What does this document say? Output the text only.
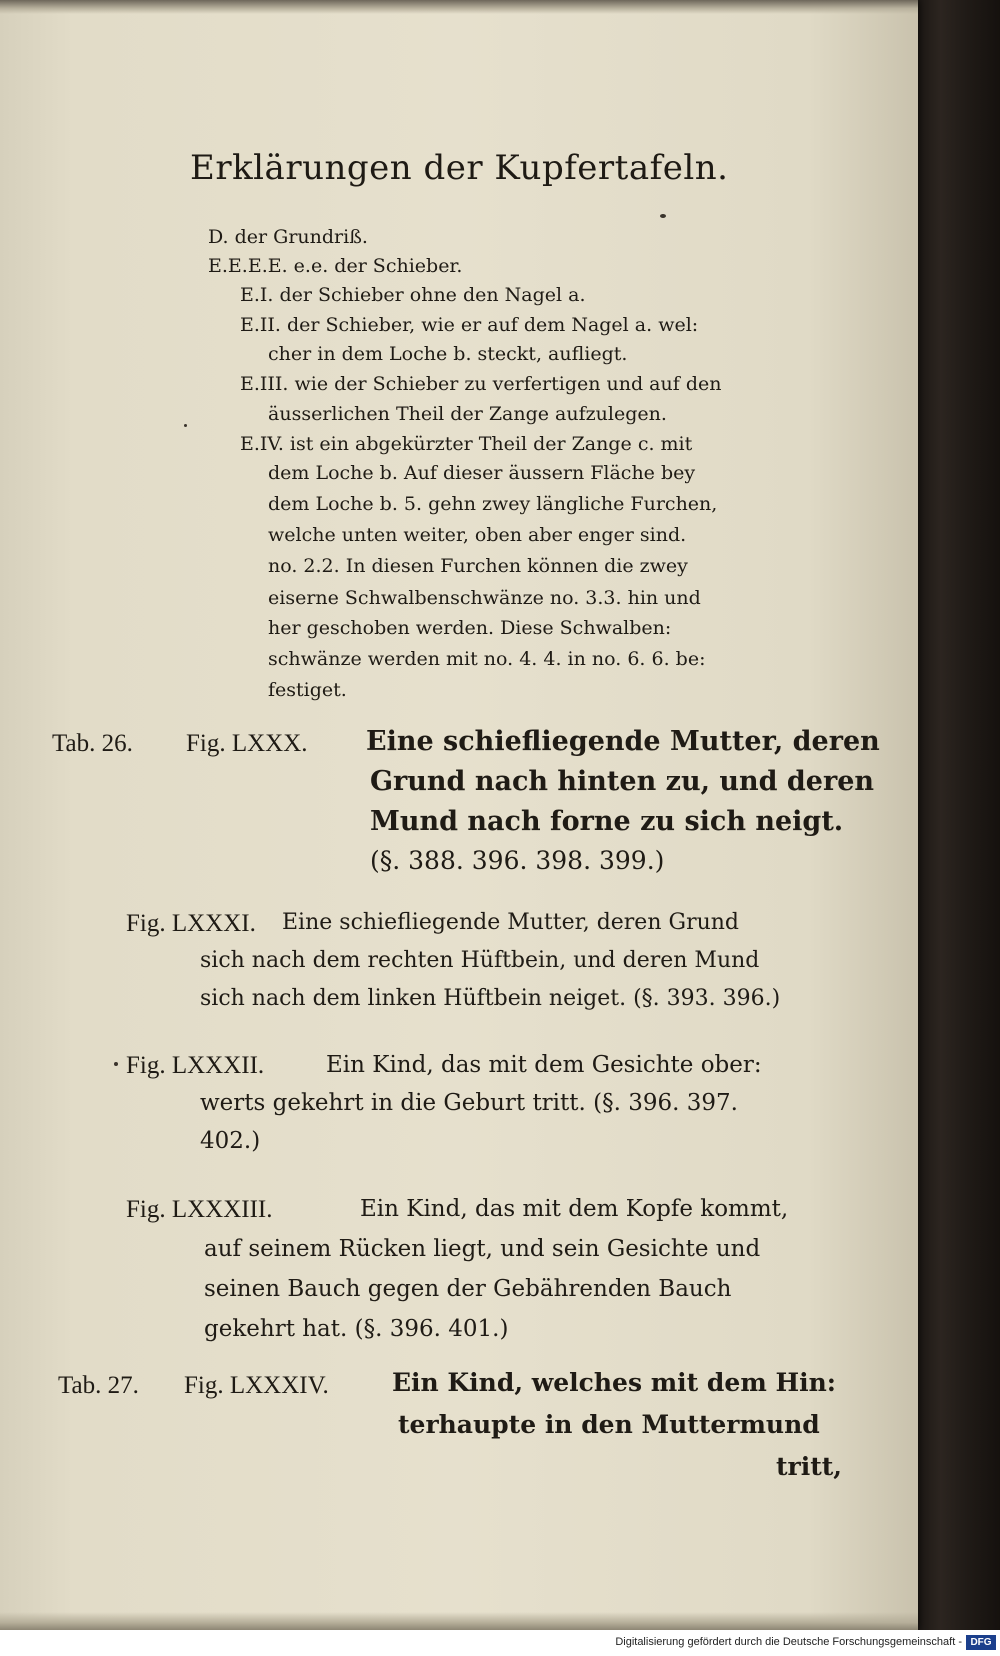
Erklärungen der Kupfertafeln.
D. der Grundriß.
E.E.E.E. e.e. der Schieber.
E.I. der Schieber ohne den Nagel a.
E.II. der Schieber, wie er auf dem Nagel a. wel:
cher in dem Loche b. steckt, aufliegt.
E.III. wie der Schieber zu verfertigen und auf den
äusserlichen Theil der Zange aufzulegen.
E.IV. ist ein abgekürzter Theil der Zange c. mit
dem Loche b. Auf dieser äussern Fläche bey
dem Loche b. 5. gehn zwey längliche Furchen,
welche unten weiter, oben aber enger sind.
no. 2.2. In diesen Furchen können die zwey
eiserne Schwalbenschwänze no. 3.3. hin und
her geschoben werden. Diese Schwalben:
schwänze werden mit no. 4. 4. in no. 6. 6. be:
festiget.
Tab. 26. Fig. LXXX. Eine schiefliegende Mutter, deren
Grund nach hinten zu, und deren
Mund nach forne zu sich neigt.
(§. 388. 396. 398. 399.)
Fig. LXXXI. Eine schiefliegende Mutter, deren Grund
sich nach dem rechten Hüftbein, und deren Mund
sich nach dem linken Hüftbein neiget. (§. 393. 396.)
Fig. LXXXII.	Ein Kind, das mit dem Gesichte ober:
werts gekehrt in die Geburt tritt. (§. 396. 397.
402.)
Fig. LXXXIII.	Ein Kind, das mit dem Kopfe kommt,
auf seinem Rücken liegt, und sein Gesichte und
seinen Bauch gegen der Gebährenden Bauch
gekehrt hat. (§. 396. 401.)
Tab. 27. Fig. LXXXIV.	Ein Kind, welches mit dem Hin:
terhaupte in den Muttermund
tritt,
Digitalisierung gefördert durch die Deutsche Forschungsgemeinschaft - DFG
